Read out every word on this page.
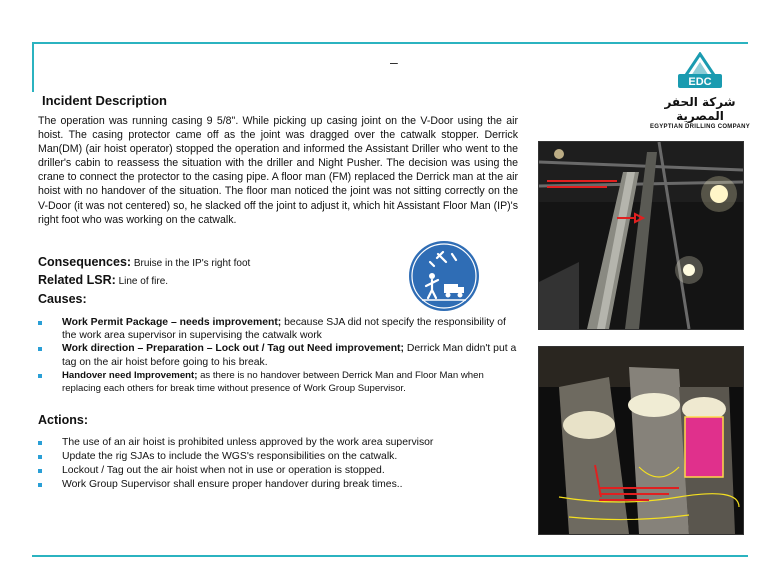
–
EDC
شركة الحفر المصرية
EGYPTIAN DRILLING COMPANY
Incident Description
The operation was running casing 9 5/8". While picking up casing joint on the V-Door using the air hoist. The casing protector came off as the joint was dragged over the catwalk stopper. Derrick Man(DM) (air hoist operator) stopped the operation and informed the Assistant Driller who went to the driller's cabin to reassess the situation with the driller and Night Pusher. The decision was using the crane to connect the protector to the casing pipe. A floor man (FM) replaced the Derrick man at the air hoist with no handover of the situation. The floor man noticed the joint was not sitting correctly on the V-Door (it was not centered) so, he slacked off the joint to adjust it, which hit Assistant Floor Man (IP)'s right foot who was working on the catwalk.
Consequences: Bruise in the IP's right foot
Related LSR: Line of fire.
Causes:
Work Permit Package – needs improvement; because SJA did not specify the responsibility of the work area supervisor in supervising the catwalk work
Work direction – Preparation – Lock out / Tag out Need improvement; Derrick Man didn't put a tag on the air hoist before going to his break.
Handover need Improvement; as there is no handover between Derrick Man and Floor Man when replacing each others for break time without presence of Work Group Supervisor.
Actions:
The use of an air hoist is prohibited unless approved by the work area supervisor
Update the rig SJAs to include the WGS's responsibilities on the catwalk.
Lockout / Tag out the air hoist when not in use or operation is stopped.
Work Group Supervisor shall ensure proper handover during break times..
